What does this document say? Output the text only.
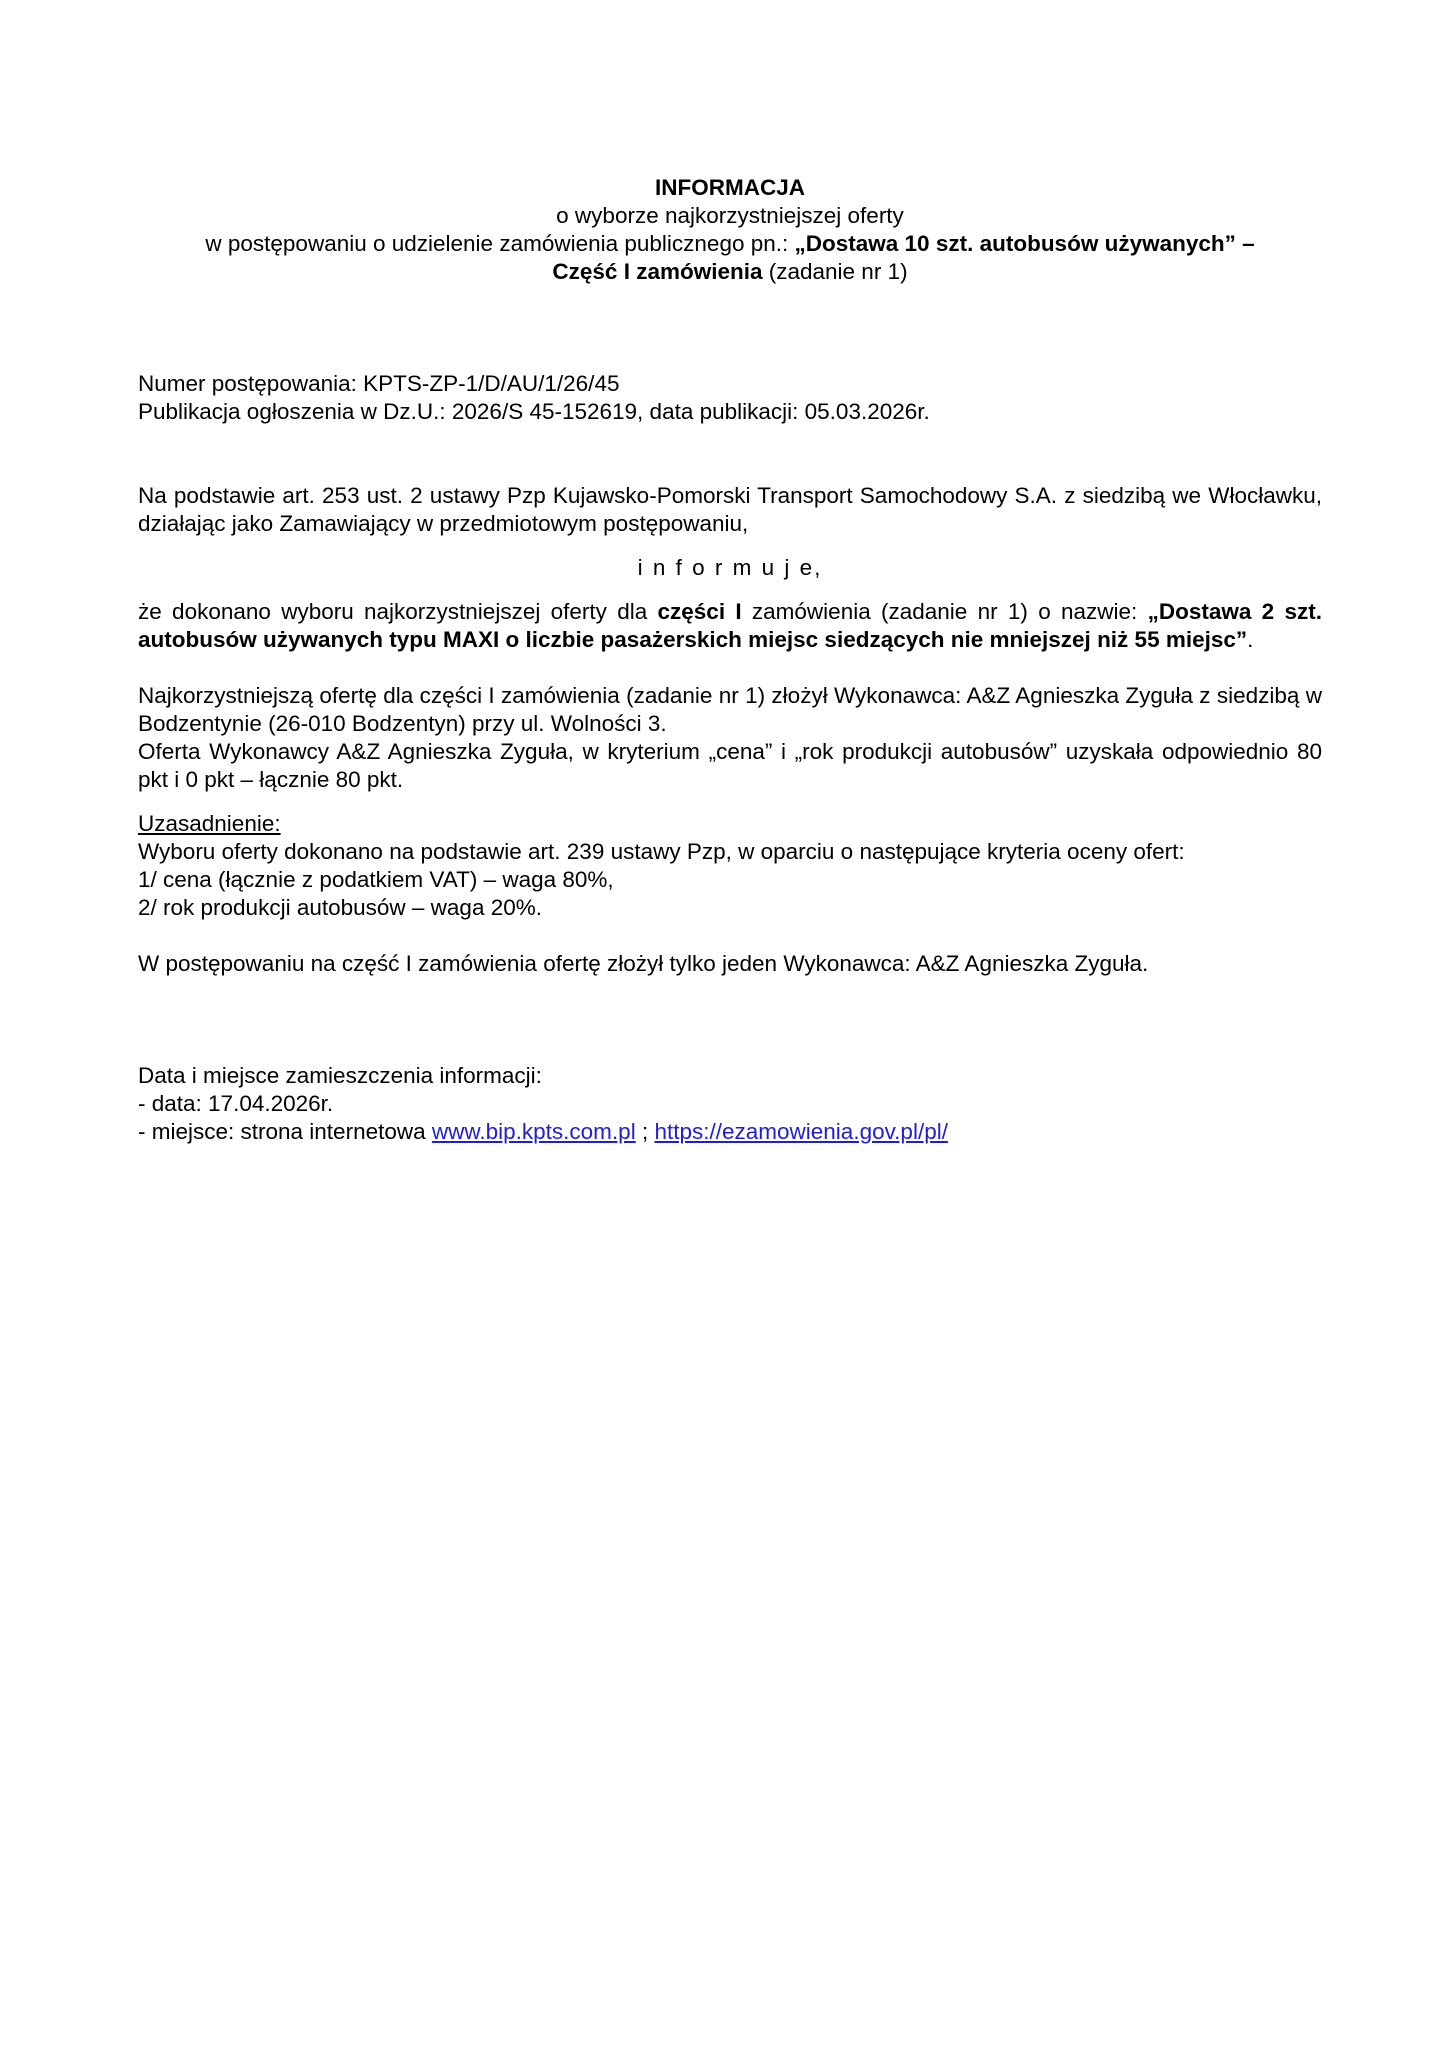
INFORMACJA

o wyborze najkorzystniejszej oferty

w postępowaniu o udzielenie zamówienia publicznego pn.: „Dostawa 10 szt. autobusów używanych” –

Część I zamówienia (zadanie nr 1)

Numer postępowania: KPTS-ZP-1/D/AU/1/26/45

Publikacja ogłoszenia w Dz.U.: 2026/S 45-152619, data publikacji: 05.03.2026r.

Na podstawie art. 253 ust. 2 ustawy Pzp Kujawsko-Pomorski Transport Samochodowy S.A. z siedzibą we Włocławku, działając jako Zamawiający w przedmiotowym postępowaniu,

i n f o r m u j e,

że dokonano wyboru najkorzystniejszej oferty dla części I zamówienia (zadanie nr 1) o nazwie: „Dostawa 2 szt. autobusów używanych typu MAXI o liczbie pasażerskich miejsc siedzących nie mniejszej niż 55 miejsc”.

Najkorzystniejszą ofertę dla części I zamówienia (zadanie nr 1) złożył Wykonawca: A&Z Agnieszka Zyguła z siedzibą w Bodzentynie (26-010 Bodzentyn) przy ul. Wolności 3.

Oferta Wykonawcy A&Z Agnieszka Zyguła, w kryterium „cena” i „rok produkcji autobusów” uzyskała odpowiednio 80 pkt i 0 pkt – łącznie 80 pkt.

Uzasadnienie:

Wyboru oferty dokonano na podstawie art. 239 ustawy Pzp, w oparciu o następujące kryteria oceny ofert:

1/ cena (łącznie z podatkiem VAT) – waga 80%,

2/ rok produkcji autobusów – waga 20%.

W postępowaniu na część I zamówienia ofertę złożył tylko jeden Wykonawca: A&Z Agnieszka Zyguła.

Data i miejsce zamieszczenia informacji:

- data: 17.04.2026r.

- miejsce: strona internetowa www.bip.kpts.com.pl ; https://ezamowienia.gov.pl/pl/
